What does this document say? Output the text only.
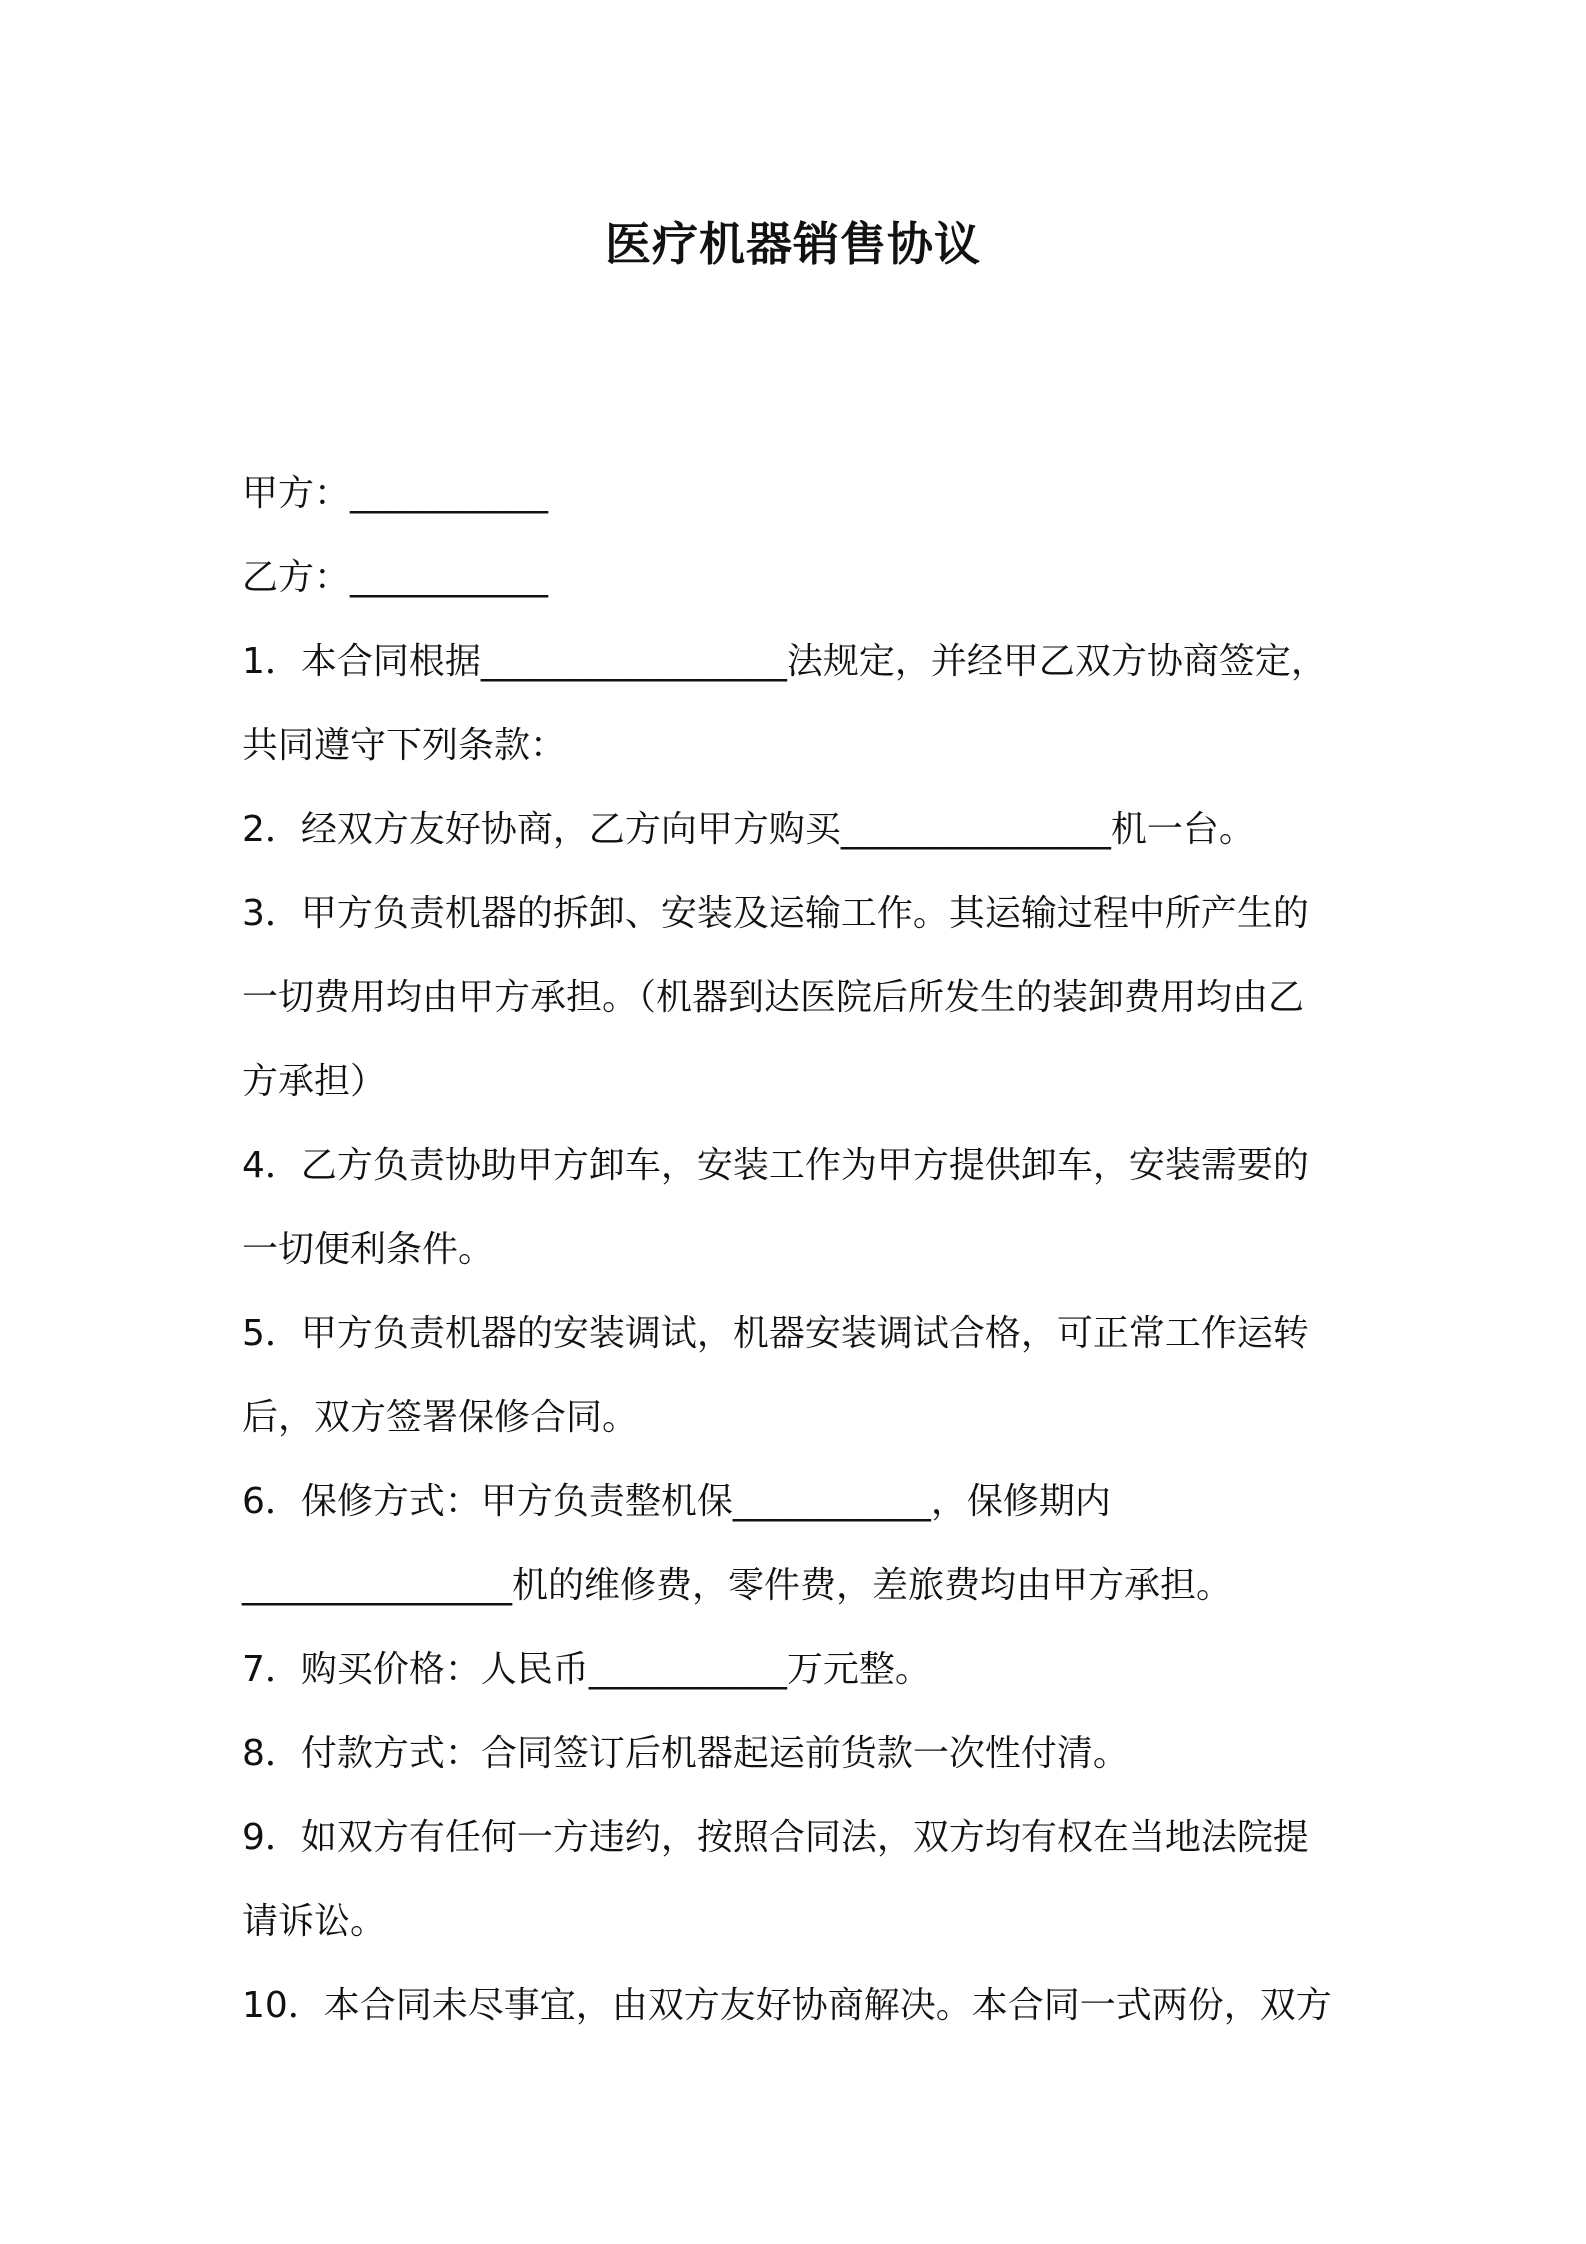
医疗机器销售协议
甲方：___________
乙方：___________
1．本合同根据_________________法规定，并经甲乙双方协商签定，
共同遵守下列条款：
2．经双方友好协商，乙方向甲方购买_______________机一台。
3．甲方负责机器的拆卸、安装及运输工作。其运输过程中所产生的
一切费用均由甲方承担。（机器到达医院后所发生的装卸费用均由乙
方承担）
4．乙方负责协助甲方卸车，安装工作为甲方提供卸车，安装需要的
一切便利条件。
5．甲方负责机器的安装调试，机器安装调试合格，可正常工作运转
后，双方签署保修合同。
6．保修方式：甲方负责整机保___________，保修期内
_______________机的维修费，零件费，差旅费均由甲方承担。
7．购买价格：人民币___________万元整。
8．付款方式：合同签订后机器起运前货款一次性付清。
9．如双方有任何一方违约，按照合同法，双方均有权在当地法院提
请诉讼。
10．本合同未尽事宜，由双方友好协商解决。本合同一式两份，双方
